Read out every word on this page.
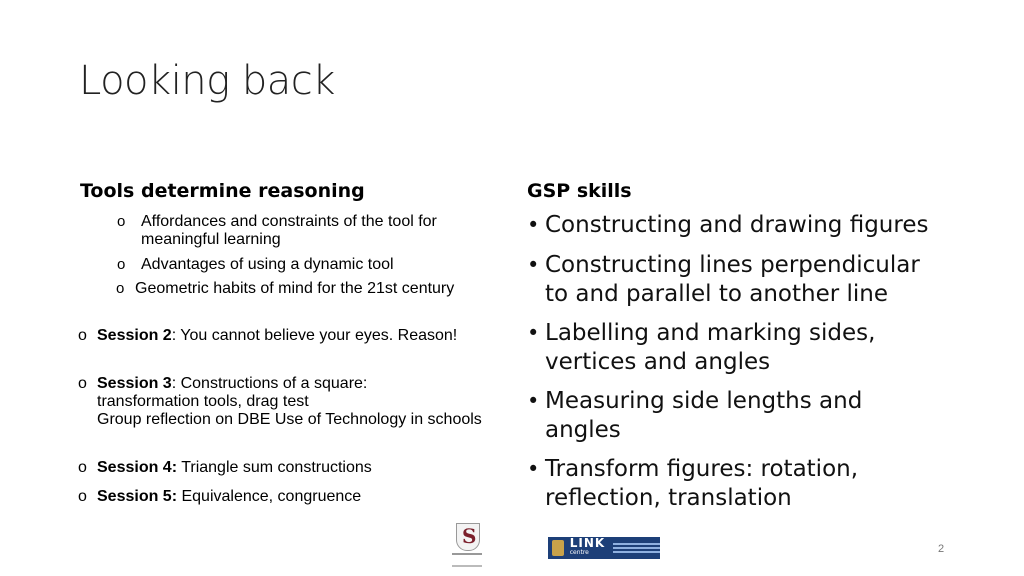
Looking back
Tools determine reasoning
o Affordances and constraints of the tool for meaningful learning
o Advantages of using a dynamic tool
o Geometric habits of mind for the 21st century
o Session 2: You cannot believe your eyes. Reason!
o Session 3: Constructions of a square: transformation tools, drag test
Group reflection on DBE Use of Technology in schools
o Session 4: Triangle sum constructions
o Session 5: Equivalence, congruence
GSP skills
• Constructing and drawing figures
• Constructing lines perpendicular to and parallel to another line
• Labelling and marking sides, vertices and angles
• Measuring side lengths and angles
• Transform figures: rotation, reflection, translation
S	LINK
centre	2
